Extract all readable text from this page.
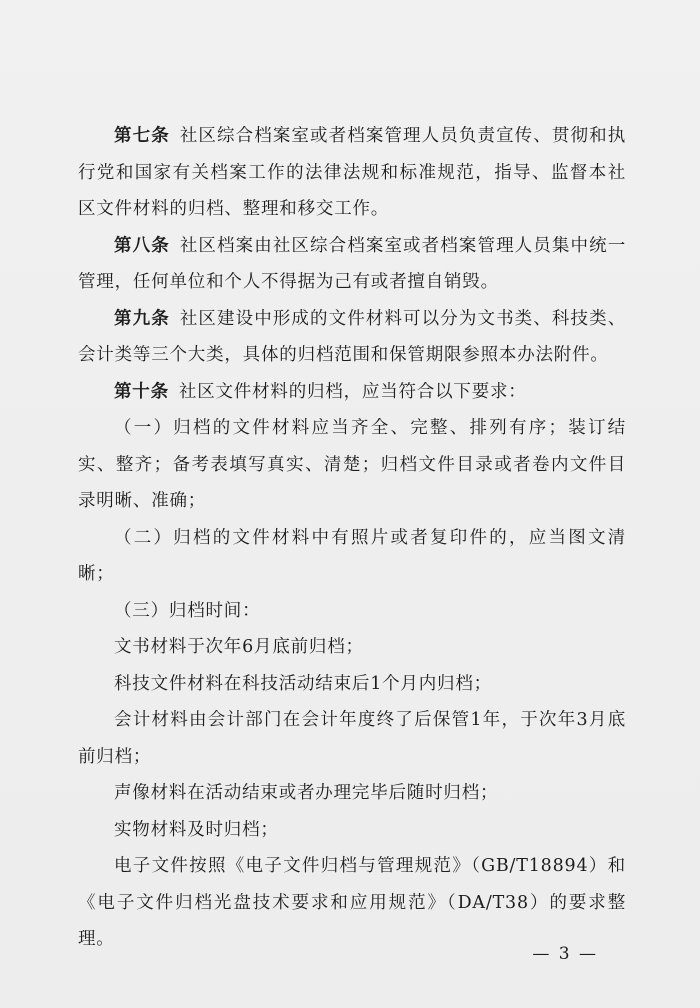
第七条 社区综合档案室或者档案管理人员负责宣传、贯彻和执行党和国家有关档案工作的法律法规和标准规范，指导、监督本社区文件材料的归档、整理和移交工作。

第八条 社区档案由社区综合档案室或者档案管理人员集中统一管理，任何单位和个人不得据为己有或者擅自销毁。

第九条 社区建设中形成的文件材料可以分为文书类、科技类、会计类等三个大类，具体的归档范围和保管期限参照本办法附件。

第十条 社区文件材料的归档，应当符合以下要求：

（一）归档的文件材料应当齐全、完整、排列有序；装订结实、整齐；备考表填写真实、清楚；归档文件目录或者卷内文件目录明晰、准确；

（二）归档的文件材料中有照片或者复印件的，应当图文清晰；

（三）归档时间：

文书材料于次年6月底前归档；

科技文件材料在科技活动结束后1个月内归档；

会计材料由会计部门在会计年度终了后保管1年，于次年3月底前归档；

声像材料在活动结束或者办理完毕后随时归档；

实物材料及时归档；

电子文件按照《电子文件归档与管理规范》（GB/T18894）和《电子文件归档光盘技术要求和应用规范》（DA/T38）的要求整理。

— 3 —
